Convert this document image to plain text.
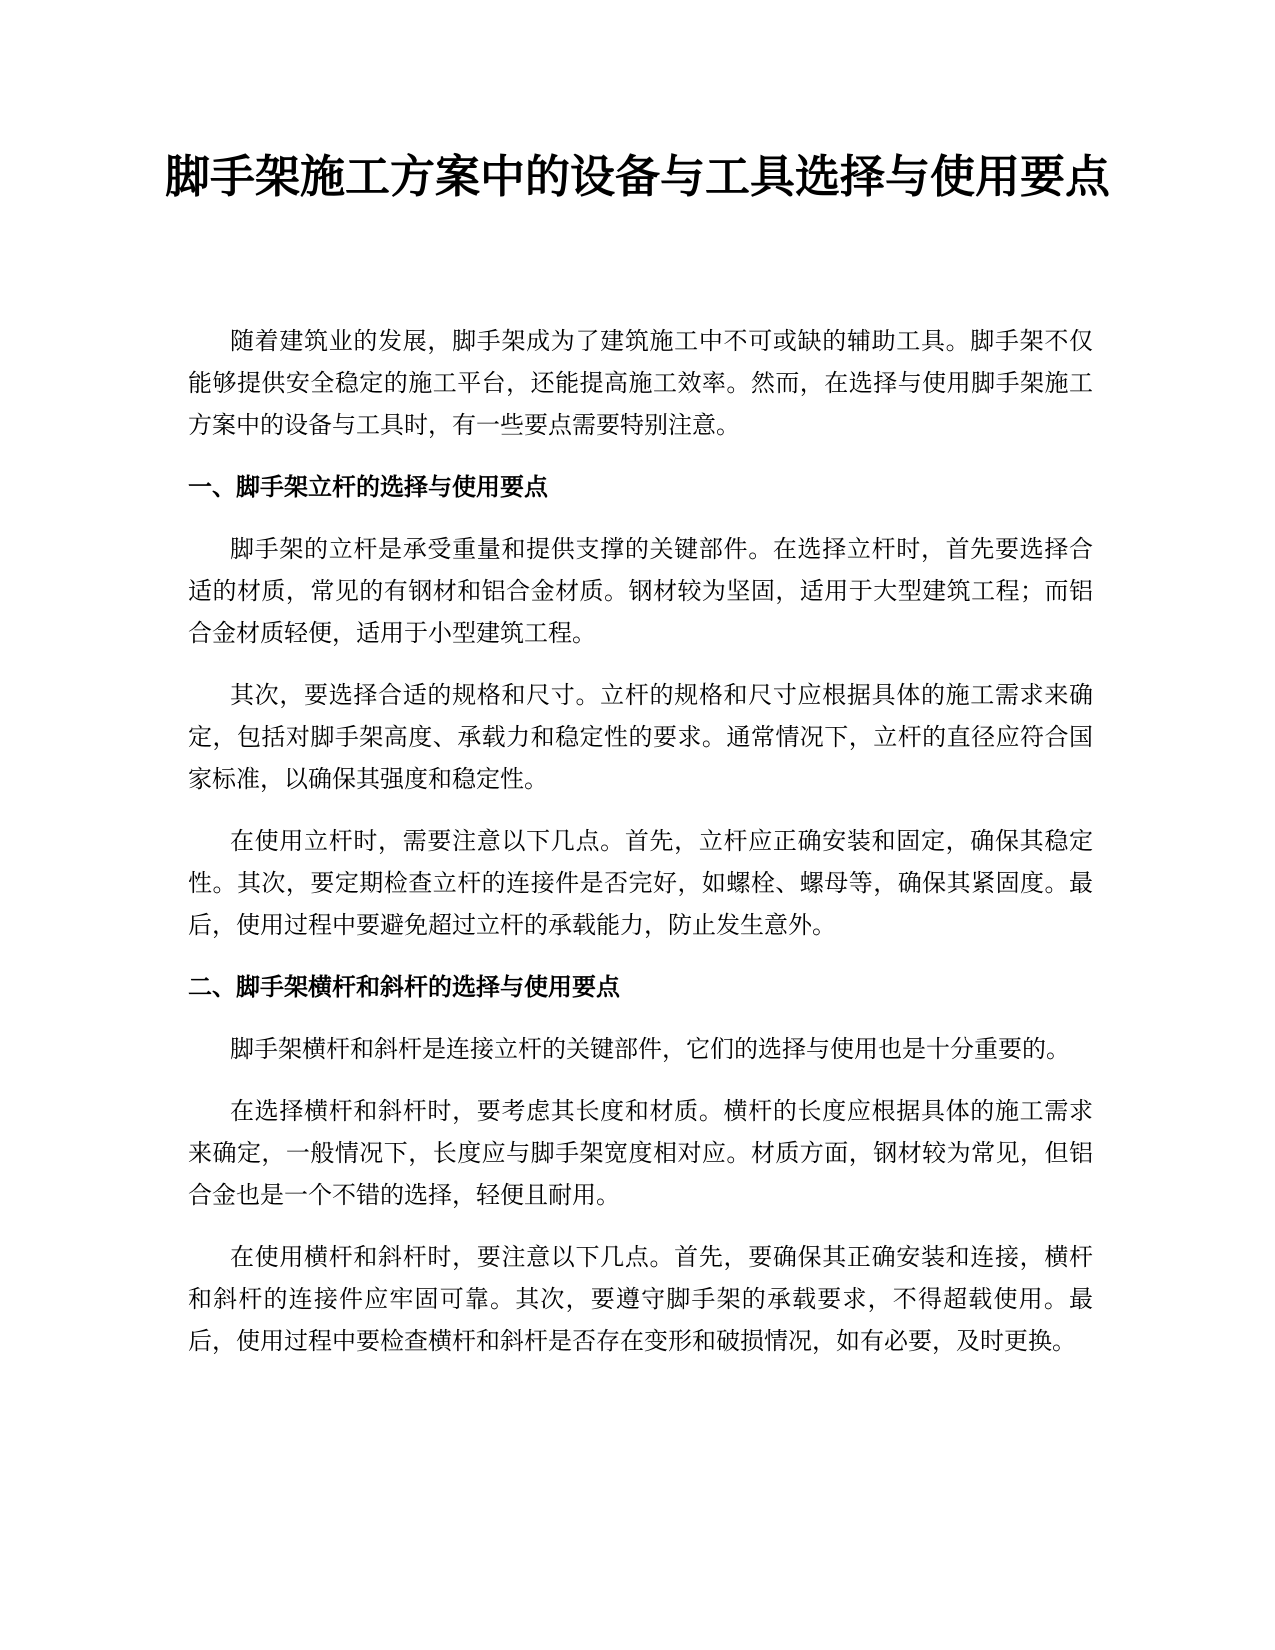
脚手架施工方案中的设备与工具选择与使用要点

随着建筑业的发展，脚手架成为了建筑施工中不可或缺的辅助工具。脚手架不仅能够提供安全稳定的施工平台，还能提高施工效率。然而，在选择与使用脚手架施工方案中的设备与工具时，有一些要点需要特别注意。

一、脚手架立杆的选择与使用要点

脚手架的立杆是承受重量和提供支撑的关键部件。在选择立杆时，首先要选择合适的材质，常见的有钢材和铝合金材质。钢材较为坚固，适用于大型建筑工程；而铝合金材质轻便，适用于小型建筑工程。

其次，要选择合适的规格和尺寸。立杆的规格和尺寸应根据具体的施工需求来确定，包括对脚手架高度、承载力和稳定性的要求。通常情况下，立杆的直径应符合国家标准，以确保其强度和稳定性。

在使用立杆时，需要注意以下几点。首先，立杆应正确安装和固定，确保其稳定性。其次，要定期检查立杆的连接件是否完好，如螺栓、螺母等，确保其紧固度。最后，使用过程中要避免超过立杆的承载能力，防止发生意外。

二、脚手架横杆和斜杆的选择与使用要点

脚手架横杆和斜杆是连接立杆的关键部件，它们的选择与使用也是十分重要的。

在选择横杆和斜杆时，要考虑其长度和材质。横杆的长度应根据具体的施工需求来确定，一般情况下，长度应与脚手架宽度相对应。材质方面，钢材较为常见，但铝合金也是一个不错的选择，轻便且耐用。

在使用横杆和斜杆时，要注意以下几点。首先，要确保其正确安装和连接，横杆和斜杆的连接件应牢固可靠。其次，要遵守脚手架的承载要求，不得超载使用。最后，使用过程中要检查横杆和斜杆是否存在变形和破损情况，如有必要，及时更换。
